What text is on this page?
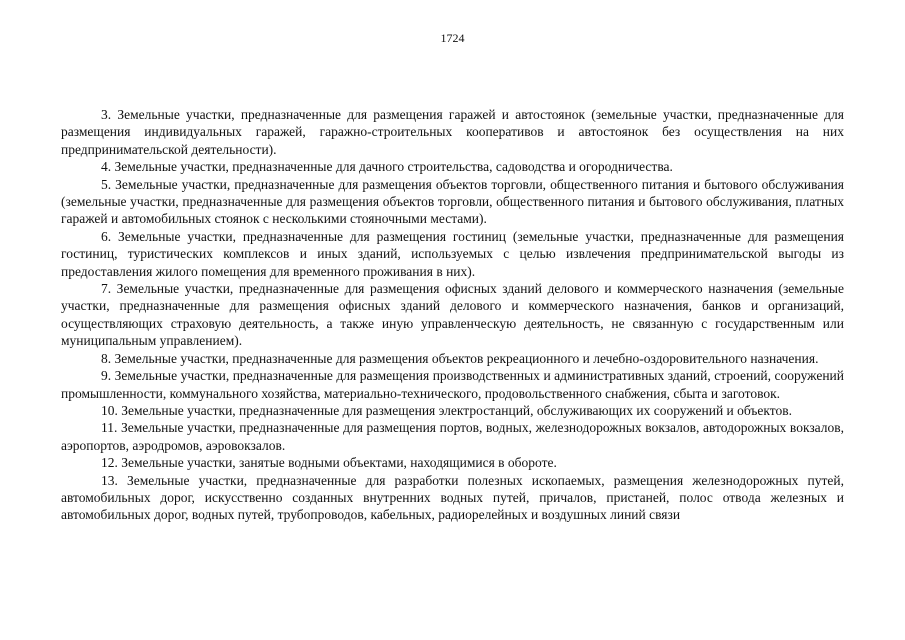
1724

3. Земельные участки, предназначенные для размещения гаражей и автостоянок (земельные участки, предназначенные для размещения индивидуальных гаражей, гаражно-строительных кооперативов и автостоянок без осуществления на них предпринимательской деятельности).

4. Земельные участки, предназначенные для дачного строительства, садоводства и огородничества.

5. Земельные участки, предназначенные для размещения объектов торговли, общественного питания и бытового обслуживания (земельные участки, предназначенные для размещения объектов торговли, общественного питания и бытового обслуживания, платных гаражей и автомобильных стоянок с несколькими стояночными местами).

6. Земельные участки, предназначенные для размещения гостиниц (земельные участки, предназначенные для размещения гостиниц, туристических комплексов и иных зданий, используемых с целью извлечения предпринимательской выгоды из предоставления жилого помещения для временного проживания в них).

7. Земельные участки, предназначенные для размещения офисных зданий делового и коммерческого назначения (земельные участки, предназначенные для размещения офисных зданий делового и коммерческого назначения, банков и организаций, осуществляющих страховую деятельность, а также иную управленческую деятельность, не связанную с государственным или муниципальным управлением).

8. Земельные участки, предназначенные для размещения объектов рекреационного и лечебно-оздоровительного назначения.

9. Земельные участки, предназначенные для размещения производственных и административных зданий, строений, сооружений промышленности, коммунального хозяйства, материально-технического, продовольственного снабжения, сбыта и заготовок.

10. Земельные участки, предназначенные для размещения электростанций, обслуживающих их сооружений и объектов.

11. Земельные участки, предназначенные для размещения портов, водных, железнодорожных вокзалов, автодорожных вокзалов, аэропортов, аэродромов, аэровокзалов.

12. Земельные участки, занятые водными объектами, находящимися в обороте.

13. Земельные участки, предназначенные для разработки полезных ископаемых, размещения железнодорожных путей, автомобильных дорог, искусственно созданных внутренних водных путей, причалов, пристаней, полос отвода железных и автомобильных дорог, водных путей, трубопроводов, кабельных, радиорелейных и воздушных линий связи
